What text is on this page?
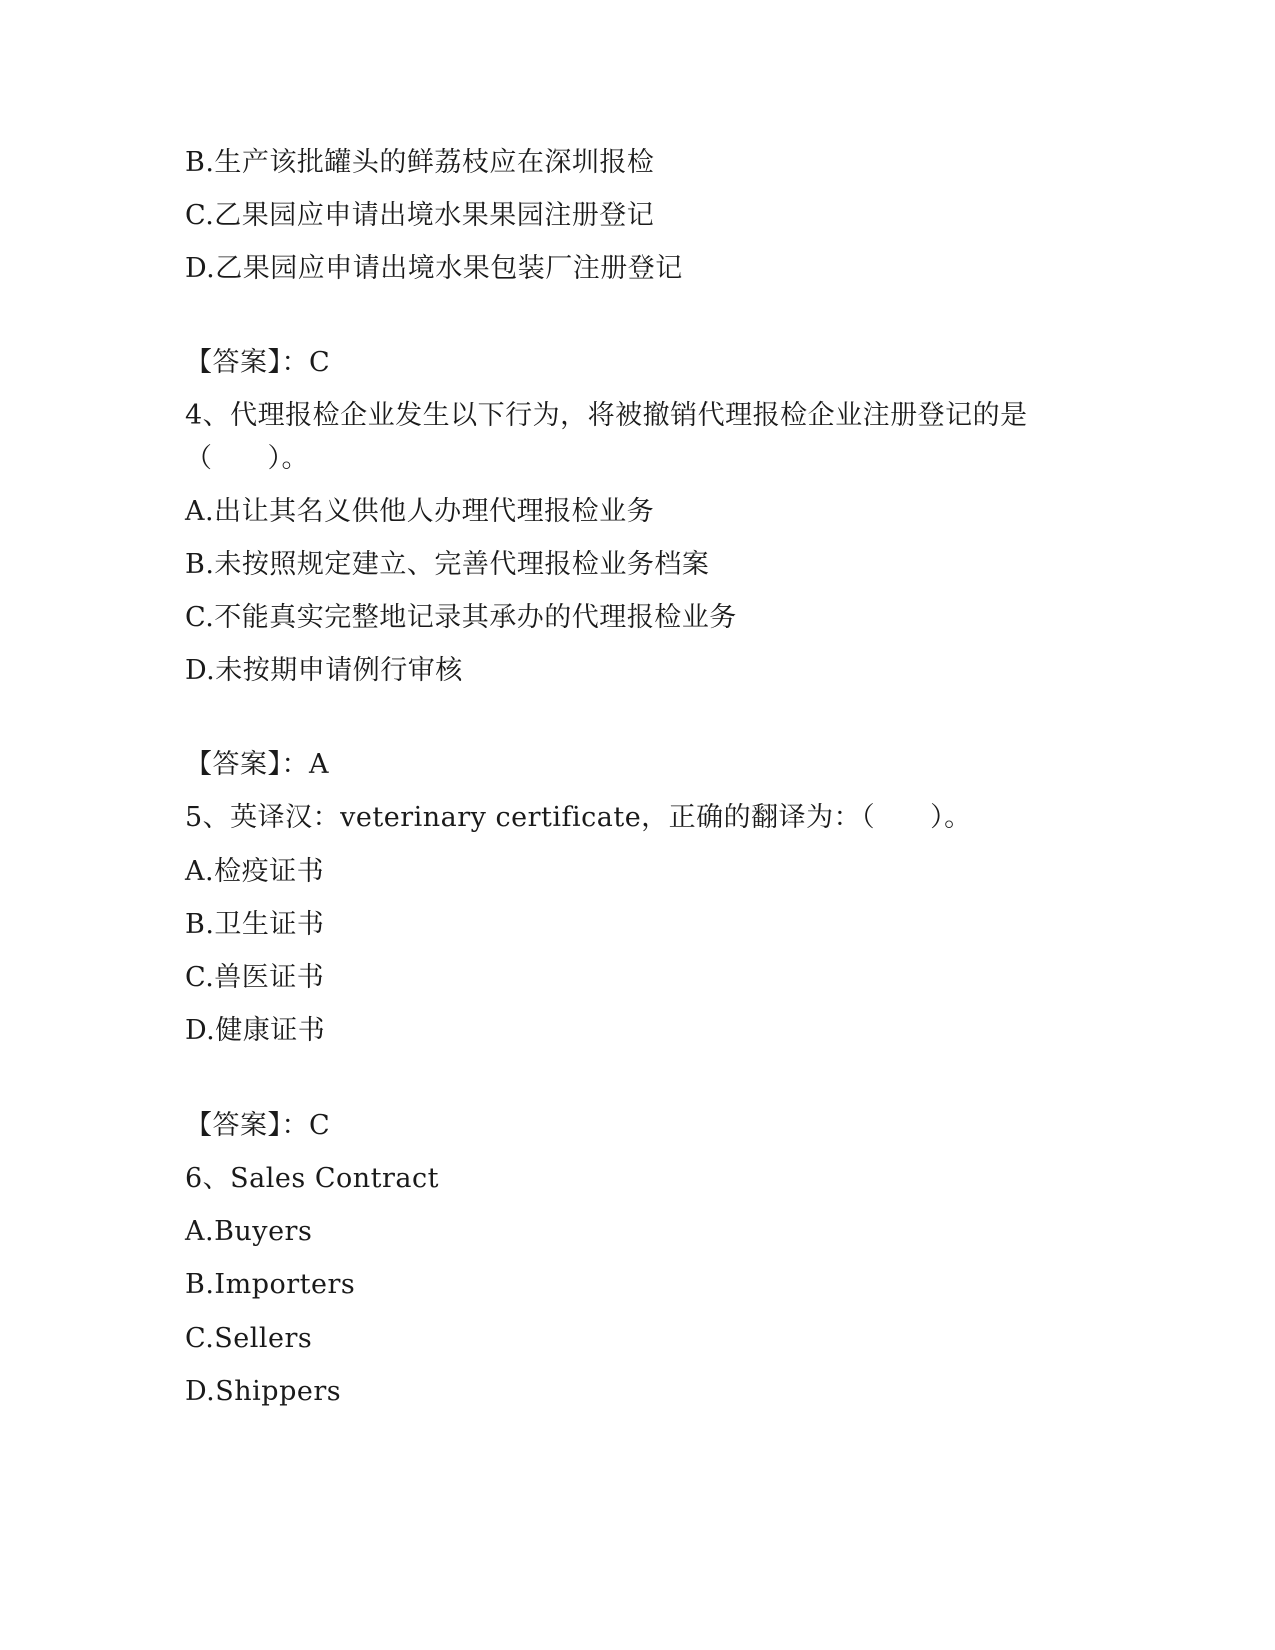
B.生产该批罐头的鲜荔枝应在深圳报检
C.乙果园应申请出境水果果园注册登记
D.乙果园应申请出境水果包装厂注册登记
【答案】：C
4、代理报检企业发生以下行为，将被撤销代理报检企业注册登记的是
（　　）。
A.出让其名义供他人办理代理报检业务
B.未按照规定建立、完善代理报检业务档案
C.不能真实完整地记录其承办的代理报检业务
D.未按期申请例行审核
【答案】：A
5、英译汉：veterinary certificate，正确的翻译为：（　　）。
A.检疫证书
B.卫生证书
C.兽医证书
D.健康证书
【答案】：C
6、Sales Contract
A.Buyers
B.Importers
C.Sellers
D.Shippers
